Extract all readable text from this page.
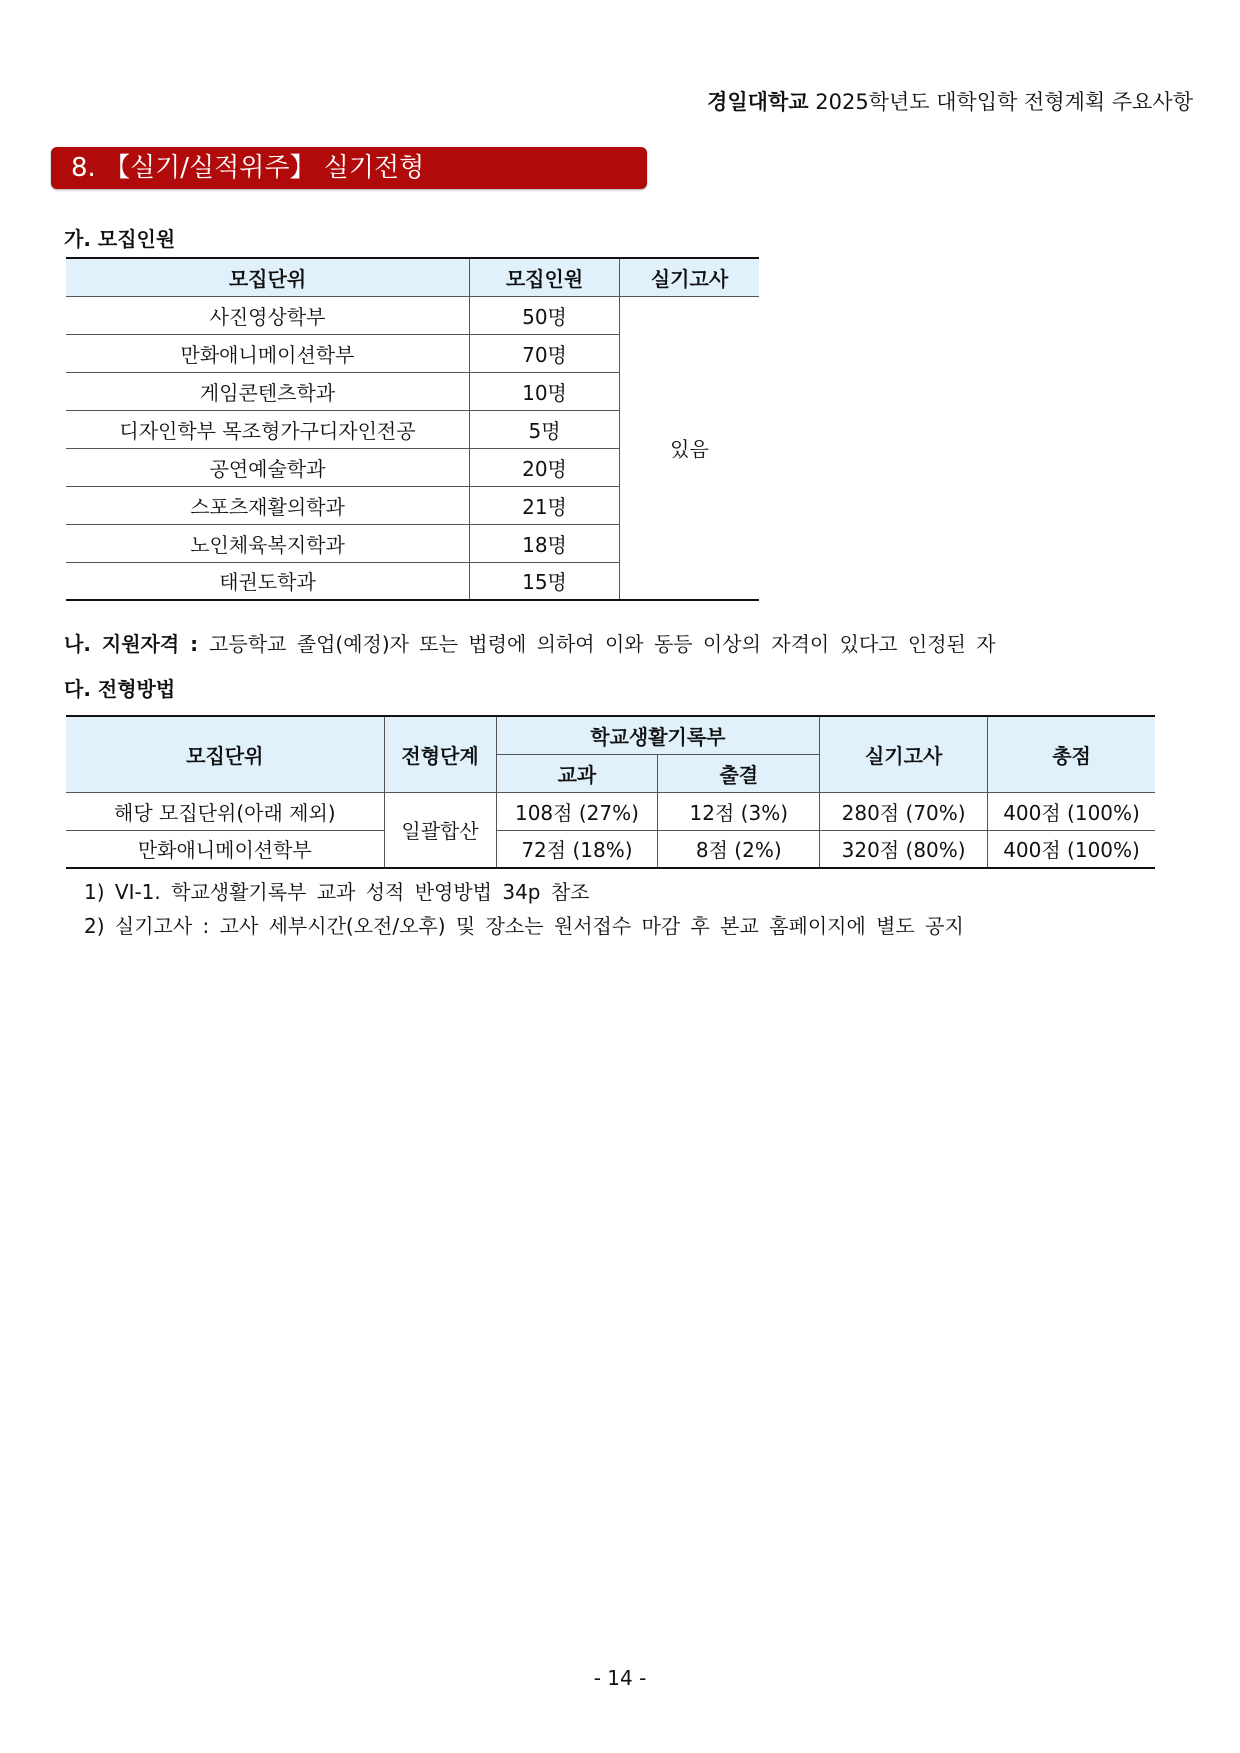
경일대학교 2025학년도 대학입학 전형계획 주요사항
8. 【실기/실적위주】 실기전형
가. 모집인원
모집단위	모집인원	실기고사
사진영상학부	50명	있음
만화애니메이션학부	70명	
게임콘텐츠학과	10명	
디자인학부 목조형가구디자인전공	5명	
공연예술학과	20명	
스포츠재활의학과	21명	
노인체육복지학과	18명	
태권도학과	15명	
나. 지원자격 : 고등학교 졸업(예정)자 또는 법령에 의하여 이와 동등 이상의 자격이 있다고 인정된 자
다. 전형방법
모집단위	전형단계	학교생활기록부		실기고사	총점
		교과	출결		
해당 모집단위(아래 제외)	일괄합산	108점 (27%)	12점 (3%)	280점 (70%)	400점 (100%)
만화애니메이션학부		72점 (18%)	8점 (2%)	320점 (80%)	400점 (100%)
1) VI-1. 학교생활기록부 교과 성적 반영방법 34p 참조
2) 실기고사 : 고사 세부시간(오전/오후) 및 장소는 원서접수 마감 후 본교 홈페이지에 별도 공지
- 14 -
